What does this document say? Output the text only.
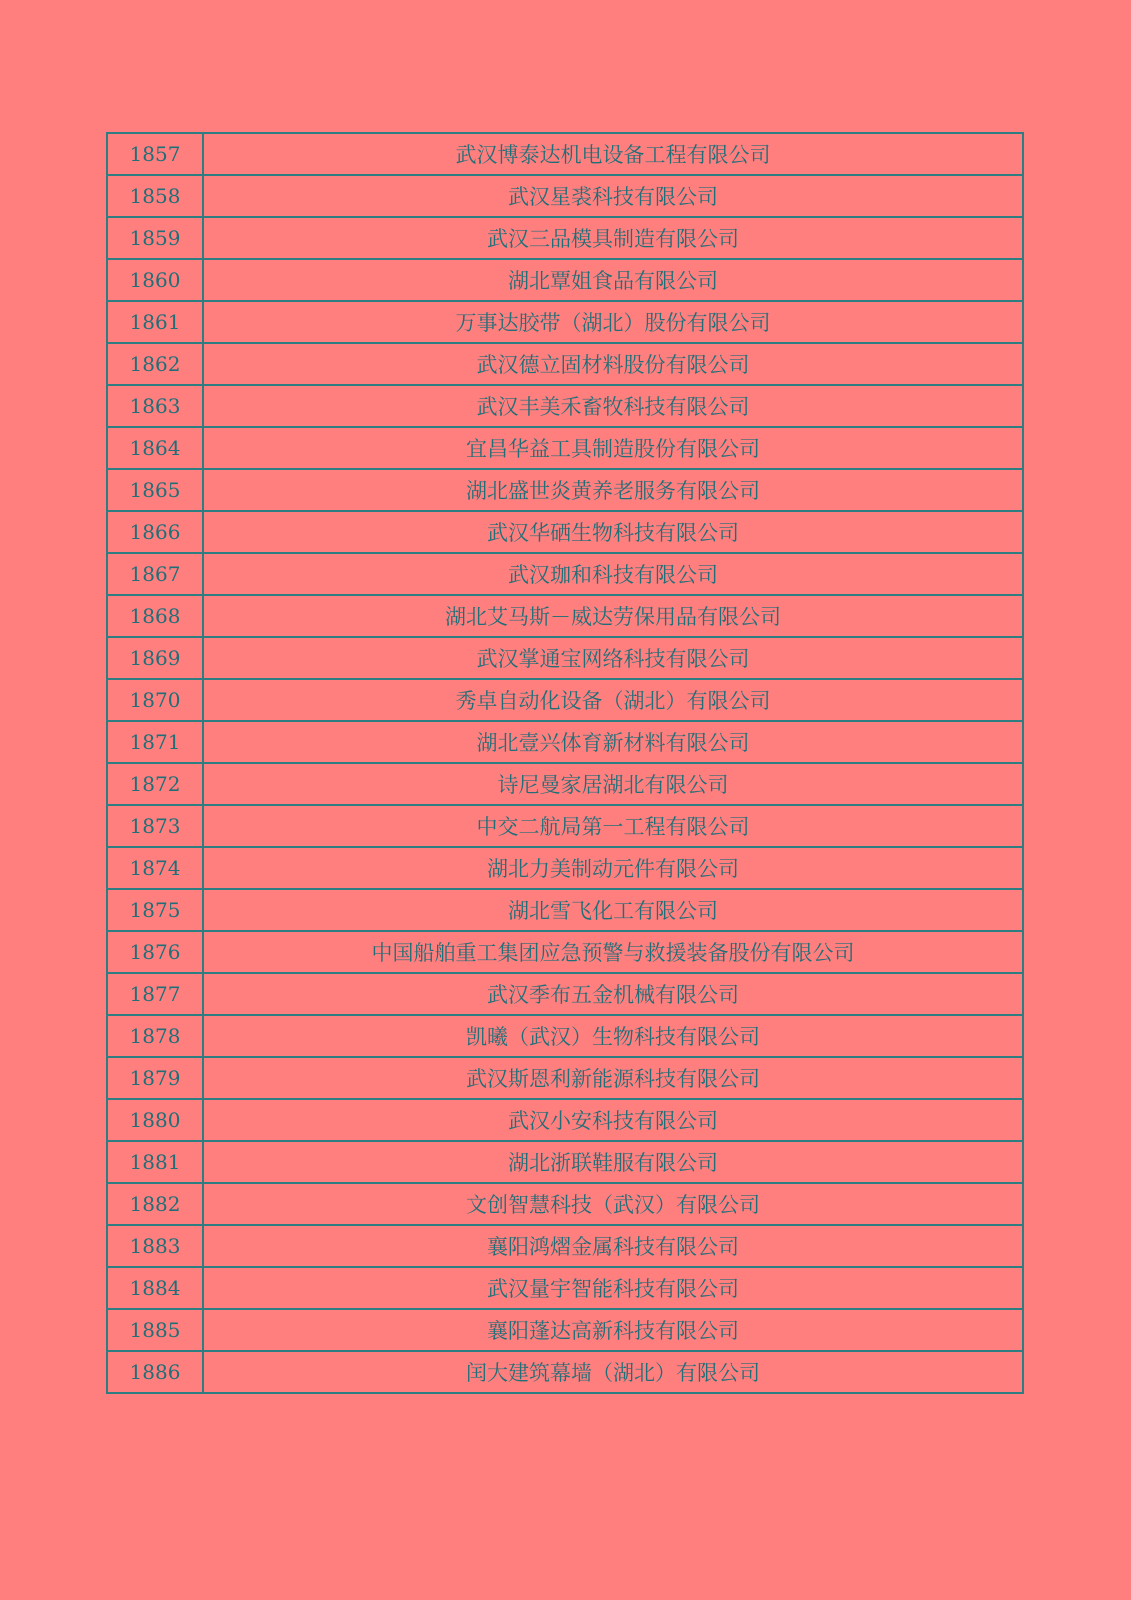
1857	武汉博泰达机电设备工程有限公司
1858	武汉星裘科技有限公司
1859	武汉三品模具制造有限公司
1860	湖北覃姐食品有限公司
1861	万事达胶带（湖北）股份有限公司
1862	武汉德立固材料股份有限公司
1863	武汉丰美禾畜牧科技有限公司
1864	宜昌华益工具制造股份有限公司
1865	湖北盛世炎黄养老服务有限公司
1866	武汉华硒生物科技有限公司
1867	武汉珈和科技有限公司
1868	湖北艾马斯－威达劳保用品有限公司
1869	武汉掌通宝网络科技有限公司
1870	秀卓自动化设备（湖北）有限公司
1871	湖北壹兴体育新材料有限公司
1872	诗尼曼家居湖北有限公司
1873	中交二航局第一工程有限公司
1874	湖北力美制动元件有限公司
1875	湖北雪飞化工有限公司
1876	中国船舶重工集团应急预警与救援装备股份有限公司
1877	武汉季布五金机械有限公司
1878	凯曦（武汉）生物科技有限公司
1879	武汉斯恩利新能源科技有限公司
1880	武汉小安科技有限公司
1881	湖北浙联鞋服有限公司
1882	文创智慧科技（武汉）有限公司
1883	襄阳鸿熠金属科技有限公司
1884	武汉量宇智能科技有限公司
1885	襄阳蓬达高新科技有限公司
1886	闰大建筑幕墙（湖北）有限公司
